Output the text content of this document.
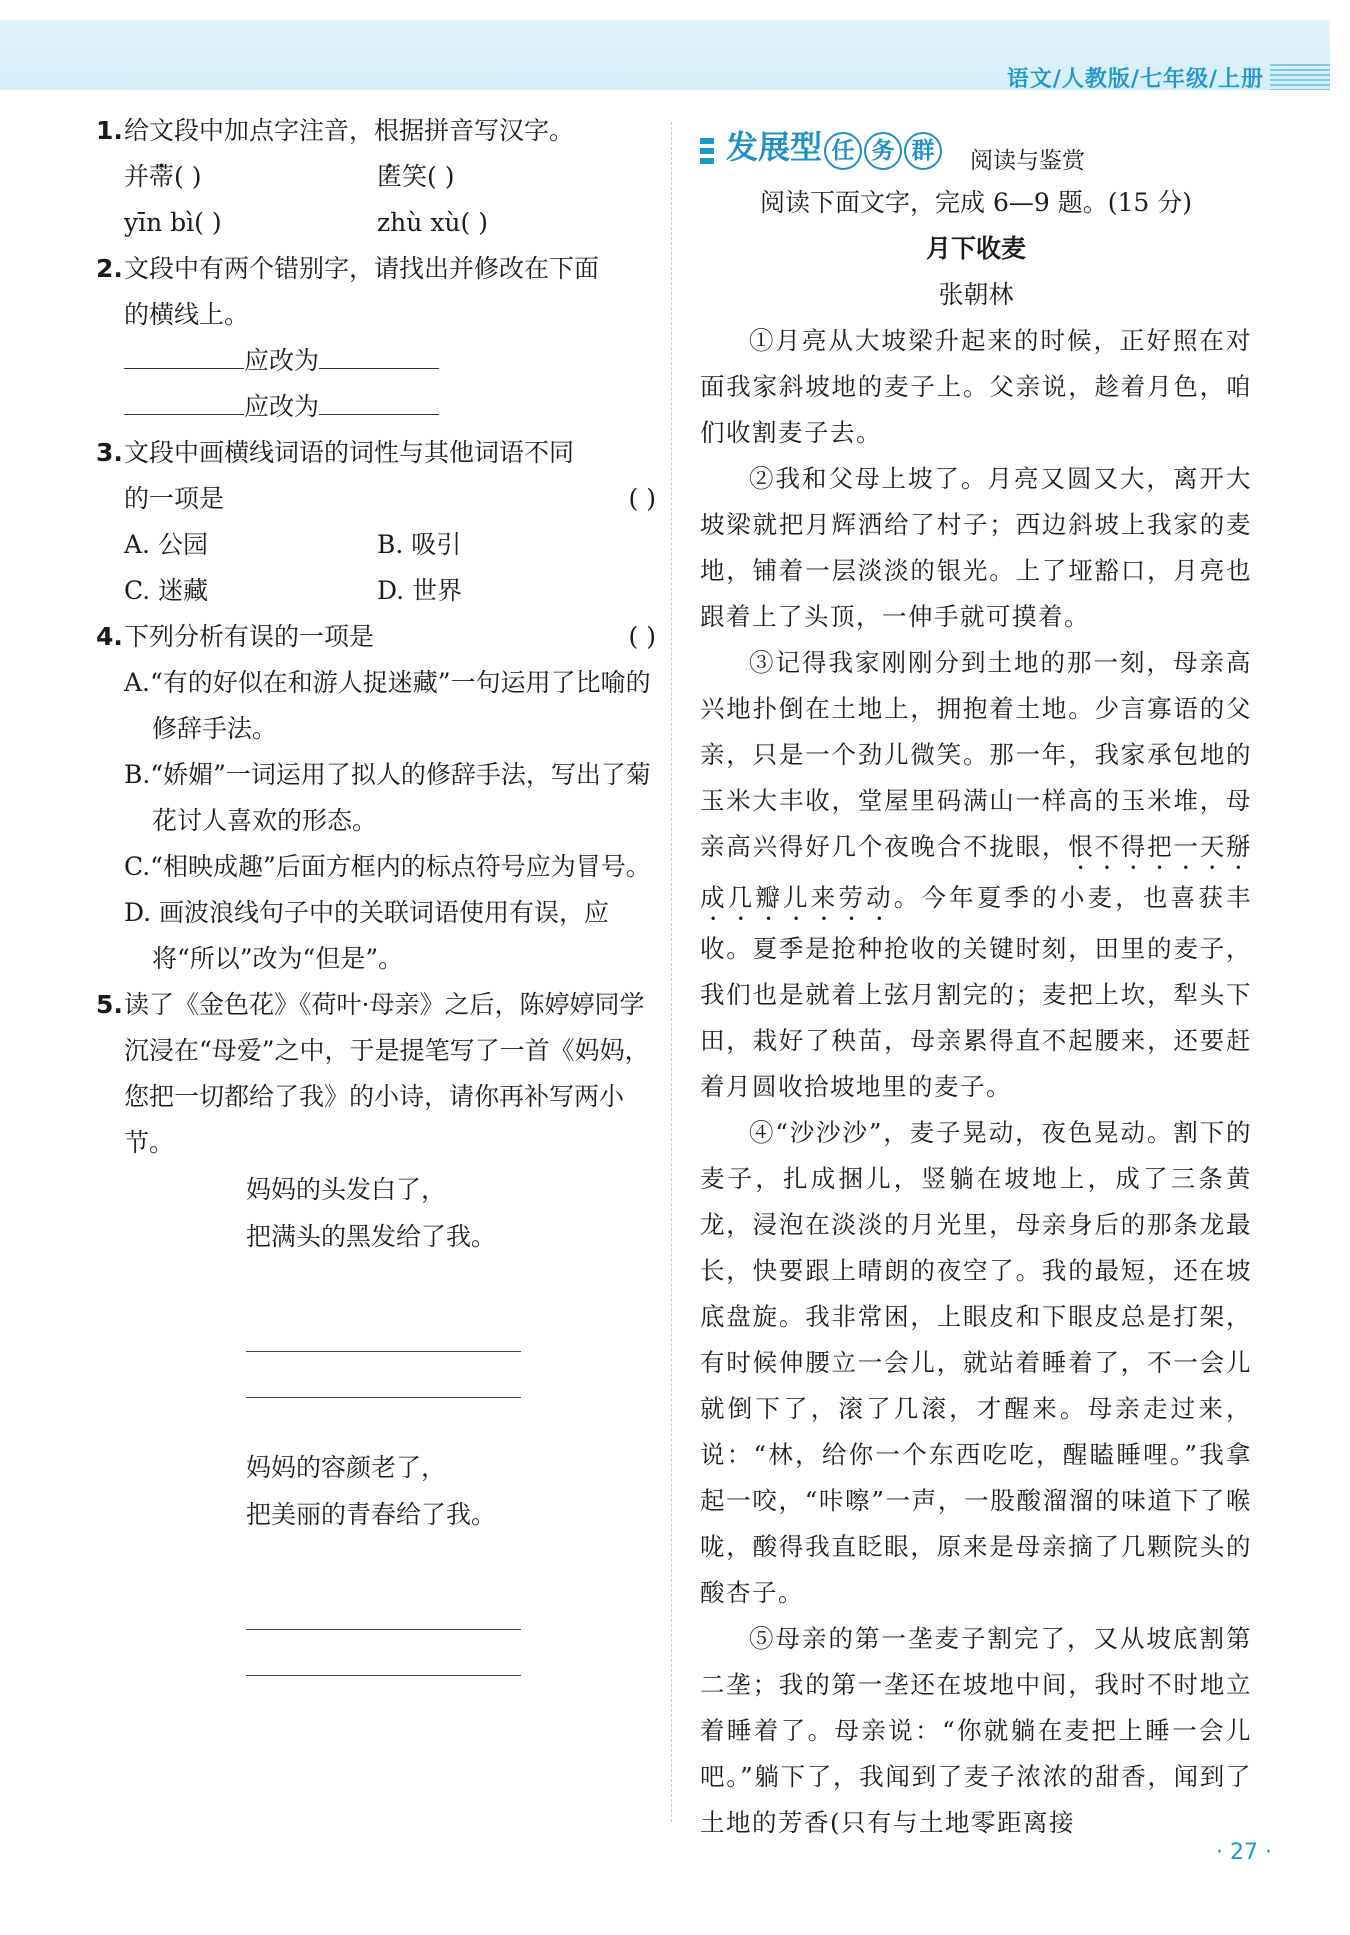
语文/人教版/七年级/上册
1. 给文段中加点字注音，根据拼音写汉字。
并蒂( )	匿笑( )
yīn bì( )	zhù xù( )
2. 文段中有两个错别字，请找出并修改在下面
的横线上。
应改为
应改为
3. 文段中画横线词语的词性与其他词语不同
的一项是	( )
A. 公园	B. 吸引
C. 迷藏	D. 世界
4. 下列分析有误的一项是	( )
A.“有的好似在和游人捉迷藏”一句运用了比喻的修辞手法。
B.“娇媚”一词运用了拟人的修辞手法，写出了菊花讨人喜欢的形态。
C.“相映成趣”后面方框内的标点符号应为冒号。
D. 画波浪线句子中的关联词语使用有误，应将“所以”改为“但是”。
5. 读了《金色花》《荷叶·母亲》之后，陈婷婷同学沉浸在“母爱”之中，于是提笔写了一首《妈妈，您把一切都给了我》的小诗，请你再补写两小节。
妈妈的头发白了，
把满头的黑发给了我。
妈妈的容颜老了，
把美丽的青春给了我。
发展型 任 务 群	阅读与鉴赏
阅读下面文字，完成 6—9 题。(15 分)
月下收麦
张朝林

①月亮从大坡梁升起来的时候，正好照在对面我家斜坡地的麦子上。父亲说，趁着月色，咱们收割麦子去。

②我和父母上坡了。月亮又圆又大，离开大坡梁就把月辉洒给了村子；西边斜坡上我家的麦地，铺着一层淡淡的银光。上了垭豁口，月亮也跟着上了头顶，一伸手就可摸着。

③记得我家刚刚分到土地的那一刻，母亲高兴地扑倒在土地上，拥抱着土地。少言寡语的父亲，只是一个劲儿微笑。那一年，我家承包地的玉米大丰收，堂屋里码满山一样高的玉米堆，母亲高兴得好几个夜晚合不拢眼，恨不得把一天掰成几瓣儿来劳动。今年夏季的小麦，也喜获丰收。夏季是抢种抢收的关键时刻，田里的麦子，我们也是就着上弦月割完的；麦把上坎，犁头下田，栽好了秧苗，母亲累得直不起腰来，还要赶着月圆收拾坡地里的麦子。

④“沙沙沙”，麦子晃动，夜色晃动。割下的麦子，扎成捆儿，竖躺在坡地上，成了三条黄龙，浸泡在淡淡的月光里，母亲身后的那条龙最长，快要跟上晴朗的夜空了。我的最短，还在坡底盘旋。我非常困，上眼皮和下眼皮总是打架，有时候伸腰立一会儿，就站着睡着了，不一会儿就倒下了，滚了几滚，才醒来。母亲走过来，说：“林，给你一个东西吃吃，醒瞌睡哩。”我拿起一咬，“咔嚓”一声，一股酸溜溜的味道下了喉咙，酸得我直眨眼，原来是母亲摘了几颗院头的酸杏子。

⑤母亲的第一垄麦子割完了，又从坡底割第二垄；我的第一垄还在坡地中间，我时不时地立着睡着了。母亲说：“你就躺在麦把上睡一会儿吧。”躺下了，我闻到了麦子浓浓的甜香，闻到了土地的芳香(只有与土地零距离接

· 27 ·
